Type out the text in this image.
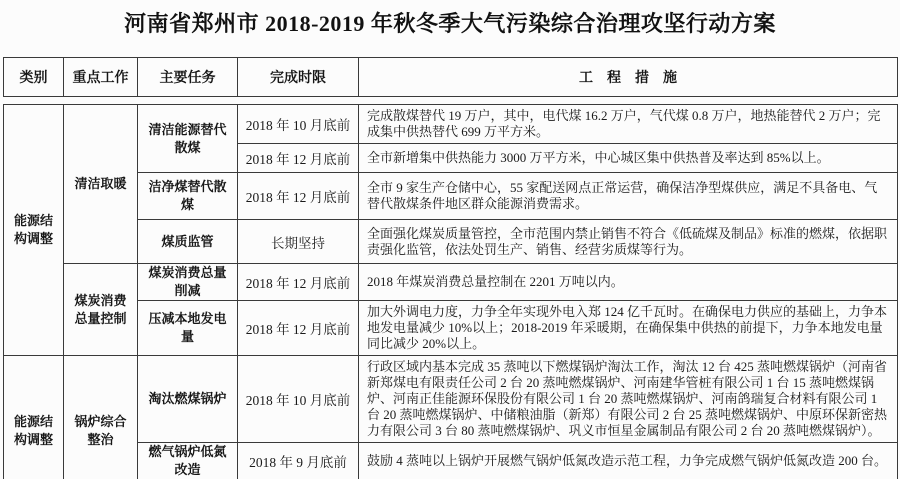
河南省郑州市 2018-2019 年秋冬季大气污染综合治理攻坚行动方案
类别	重点工作	主要任务	完成时限	工　程　措　施
能源结构调整	清洁取暖	清洁能源替代散煤	2018 年 10 月底前	完成散煤替代 19 万户，其中，电代煤 16.2 万户，气代煤 0.8 万户，地热能替代 2 万户；完成集中供热替代 699 万平方米。
			2018 年 12 月底前	全市新增集中供热能力 3000 万平方米，中心城区集中供热普及率达到 85%以上。
		洁净煤替代散煤	2018 年 12 月底前	全市 9 家生产仓储中心，55 家配送网点正常运营，确保洁净型煤供应，满足不具备电、气替代散煤条件地区群众能源消费需求。
		煤质监管	长期坚持	全面强化煤炭质量管控，全市范围内禁止销售不符合《低硫煤及制品》标准的燃煤，依据职责强化监管，依法处罚生产、销售、经营劣质煤等行为。
	煤炭消费总量控制	煤炭消费总量削减	2018 年 12 月底前	2018 年煤炭消费总量控制在 2201 万吨以内。
		压减本地发电量	2018 年 12 月底前	加大外调电力度，力争全年实现外电入郑 124 亿千瓦时。在确保电力供应的基础上，力争本地发电量减少 10%以上；2018-2019 年采暖期，在确保集中供热的前提下，力争本地发电量同比减少 20%以上。
能源结构调整	锅炉综合整治	淘汰燃煤锅炉	2018 年 10 月底前	行政区域内基本完成 35 蒸吨以下燃煤锅炉淘汰工作，淘汰 12 台 425 蒸吨燃煤锅炉（河南省新郑煤电有限责任公司 2 台 20 蒸吨燃煤锅炉、河南建华管桩有限公司 1 台 15 蒸吨燃煤锅炉、河南正佳能源环保股份有限公司 1 台 20 蒸吨燃煤锅炉、河南鸽瑞复合材料有限公司 1 台 20 蒸吨燃煤锅炉、中储粮油脂（新郑）有限公司 2 台 25 蒸吨燃煤锅炉、中原环保新密热力有限公司 3 台 80 蒸吨燃煤锅炉、巩义市恒星金属制品有限公司 2 台 20 蒸吨燃煤锅炉）。
		燃气锅炉低氮改造	2018 年 9 月底前	鼓励 4 蒸吨以上锅炉开展燃气锅炉低氮改造示范工程，力争完成燃气锅炉低氮改造 200 台。
